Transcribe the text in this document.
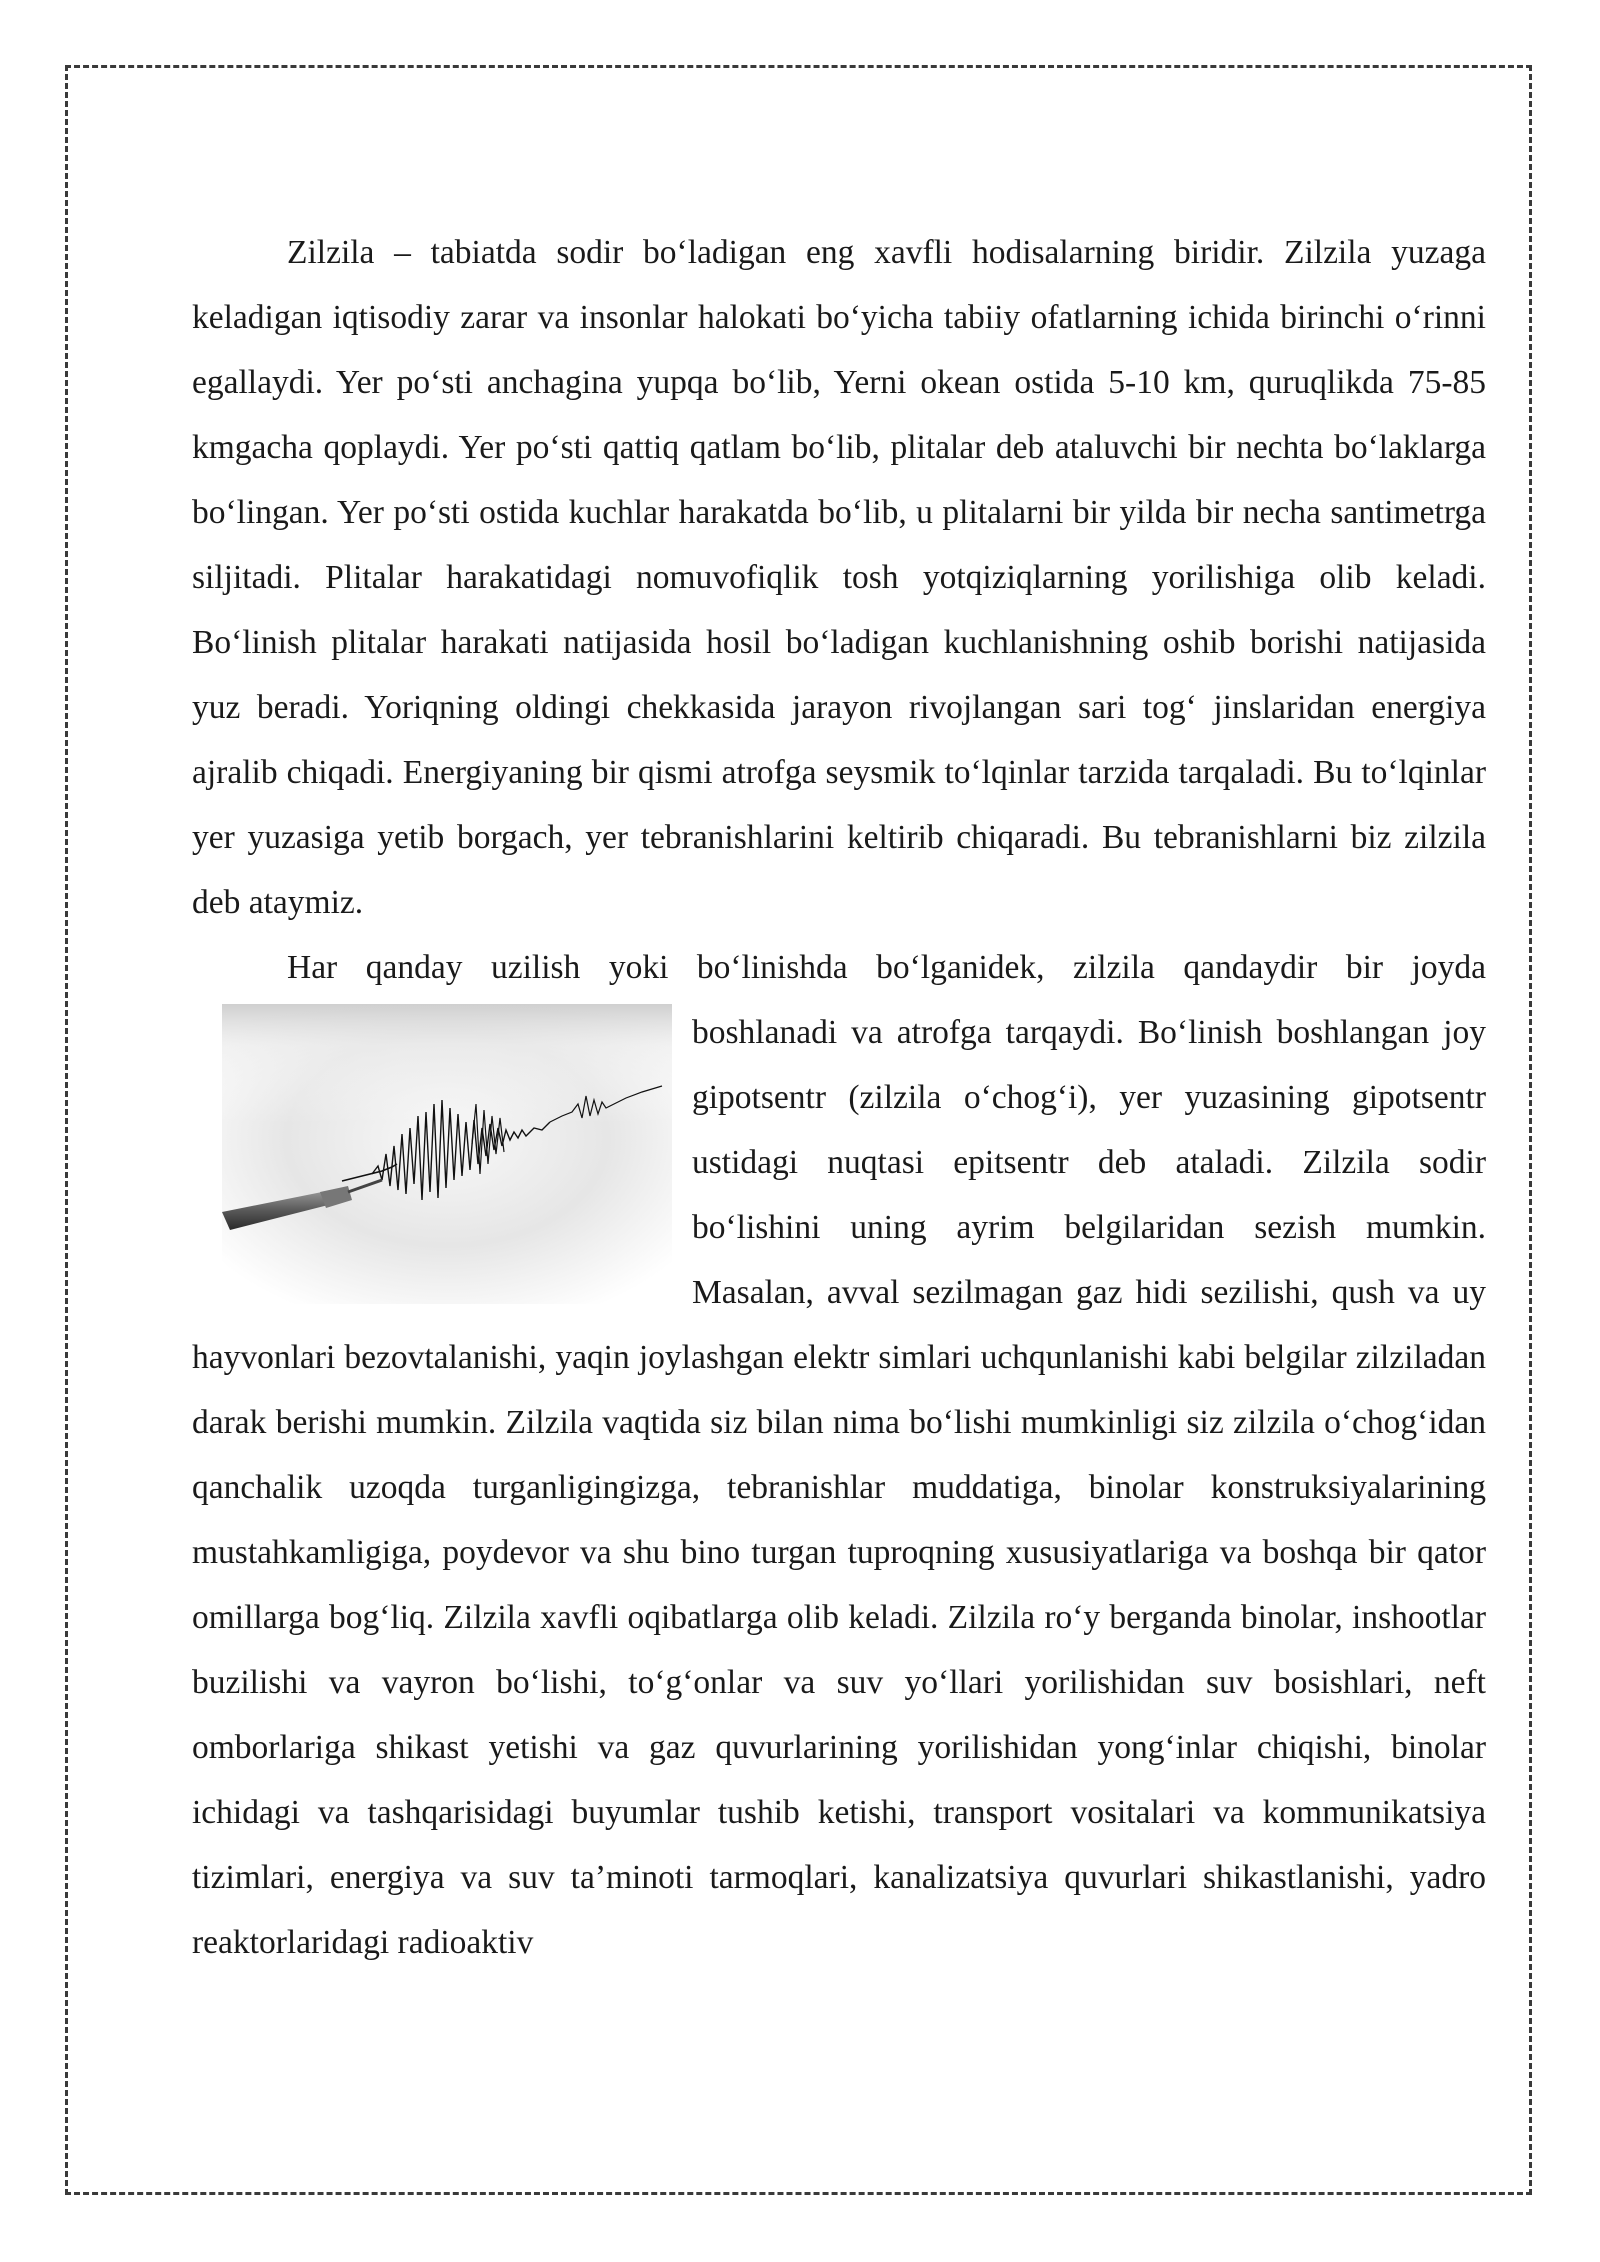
Zilzila – tabiatda sodir bo‘ladigan eng xavfli hodisalarning biridir. Zilzila yuzaga keladigan iqtisodiy zarar va insonlar halokati bo‘yicha tabiiy ofatlarning ichida birinchi o‘rinni egallaydi. Yer po‘sti anchagina yupqa bo‘lib, Yerni okean ostida 5-10 km, quruqlikda 75-85 kmgacha qoplaydi. Yer po‘sti qattiq qatlam bo‘lib, plitalar deb ataluvchi bir nechta bo‘laklarga bo‘lingan. Yer po‘sti ostida kuchlar harakatda bo‘lib, u plitalarni bir yilda bir necha santimetrga siljitadi. Plitalar harakatidagi nomuvofiqlik tosh yotqiziqlarning yorilishiga olib keladi. Bo‘linish plitalar harakati natijasida hosil bo‘ladigan kuchlanishning oshib borishi natijasida yuz beradi. Yoriqning oldingi chekkasida jarayon rivojlangan sari tog‘ jinslaridan energiya ajralib chiqadi. Energiyaning bir qismi atrofga seysmik to‘lqinlar tarzida tarqaladi. Bu to‘lqinlar yer yuzasiga yetib borgach, yer tebranishlarini keltirib chiqaradi. Bu tebranishlarni biz zilzila deb ataymiz.

Har qanday uzilish yoki bo‘linishda bo‘lganidek, zilzila qandaydir bir joyda

boshlanadi va atrofga tarqaydi. Bo‘linish boshlangan joy gipotsentr (zilzila o‘chog‘i), yer yuzasining gipotsentr ustidagi nuqtasi epitsentr deb ataladi. Zilzila sodir bo‘lishini uning ayrim belgilaridan sezish mumkin. Masalan, avval sezilmagan gaz hidi sezilishi, qush va uy hayvonlari bezovtalanishi, yaqin joylashgan elektr simlari uchqunlanishi kabi belgilar zilziladan darak berishi mumkin. Zilzila vaqtida siz bilan nima bo‘lishi mumkinligi siz zilzila o‘chog‘idan qanchalik uzoqda turganligingizga, tebranishlar muddatiga, binolar konstruksiyalarining mustahkamligiga, poydevor va shu bino turgan tuproqning xususiyatlariga va boshqa bir qator omillarga bog‘liq. Zilzila xavfli oqibatlarga olib keladi. Zilzila ro‘y berganda binolar, inshootlar buzilishi va vayron bo‘lishi, to‘g‘onlar va suv yo‘llari yorilishidan suv bosishlari, neft omborlariga shikast yetishi va gaz quvurlarining yorilishidan yong‘inlar chiqishi, binolar ichidagi va tashqarisidagi buyumlar tushib ketishi, transport vositalari va kommunikatsiya tizimlari, energiya va suv ta’minoti tarmoqlari, kanalizatsiya quvurlari shikastlanishi, yadro reaktorlaridagi radioaktiv
